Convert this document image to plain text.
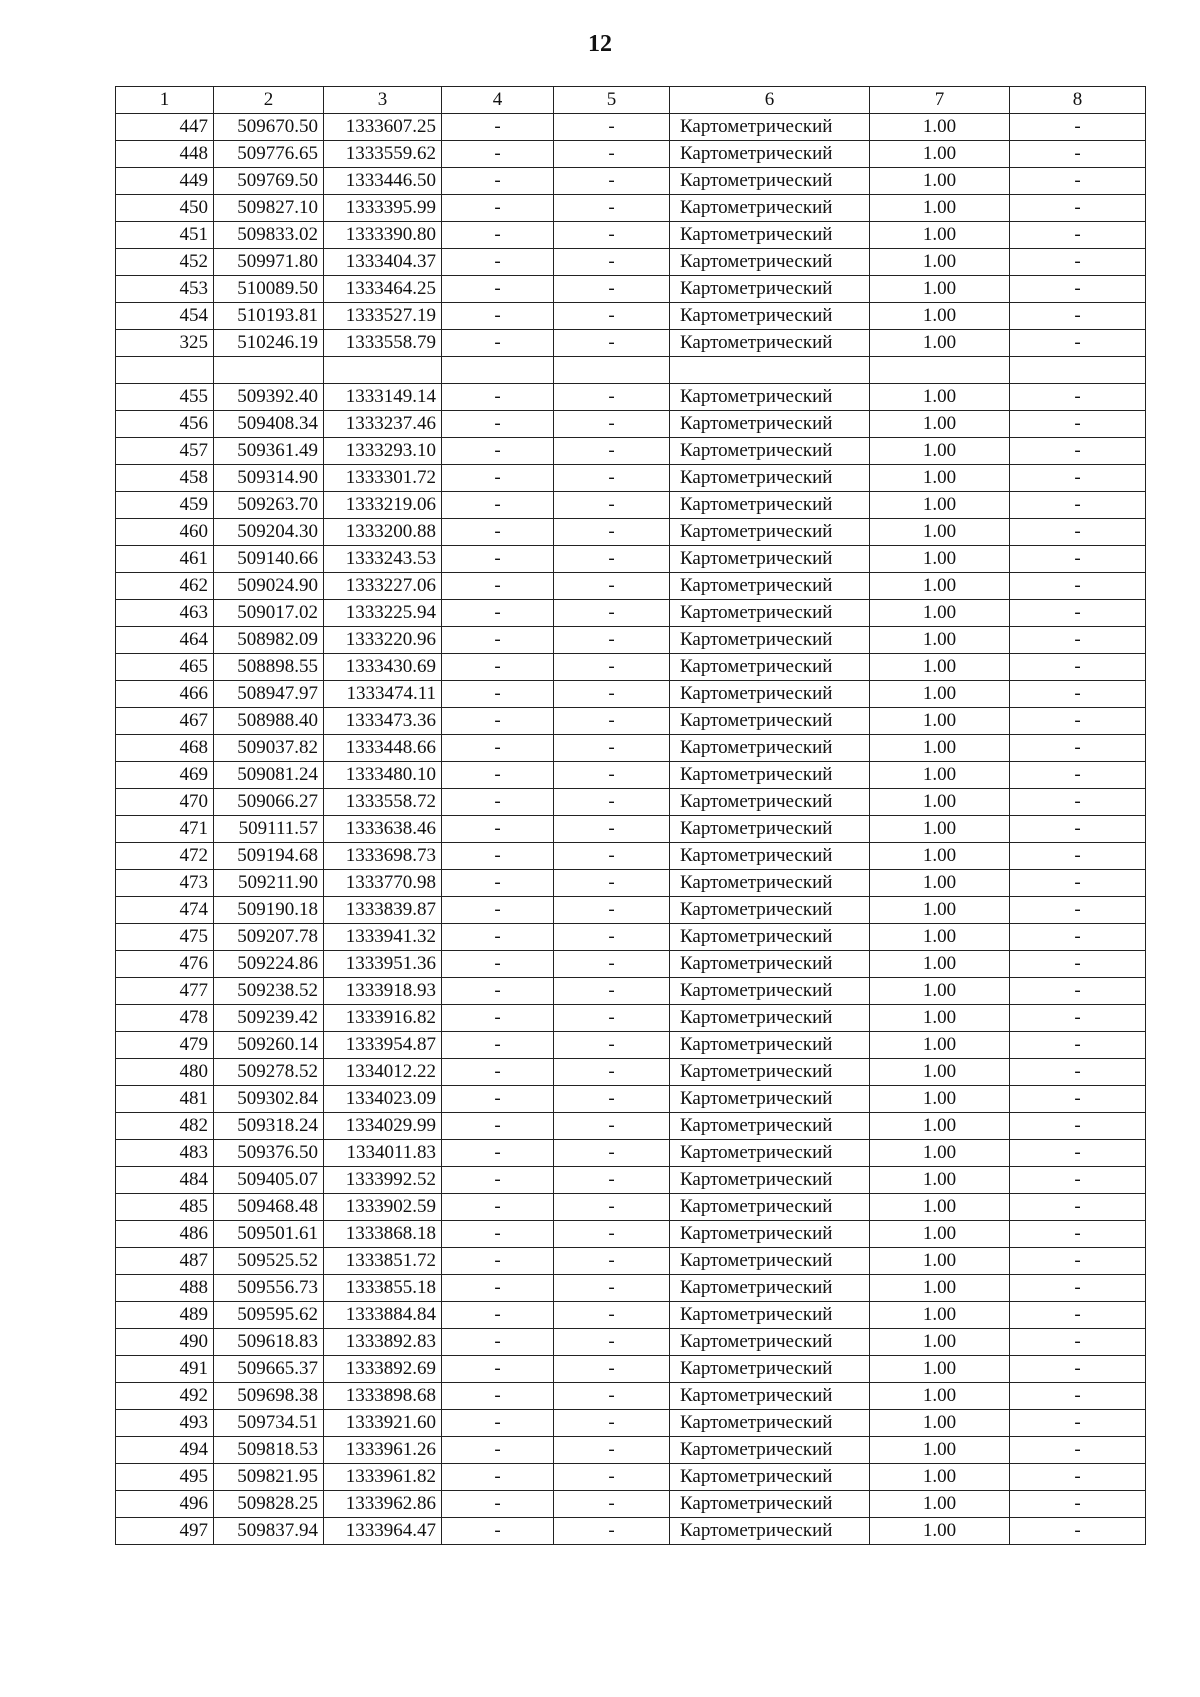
12
1	2	3	4	5	6	7	8
447	509670.50	1333607.25	-	-	Картометрический	1.00	-
448	509776.65	1333559.62	-	-	Картометрический	1.00	-
449	509769.50	1333446.50	-	-	Картометрический	1.00	-
450	509827.10	1333395.99	-	-	Картометрический	1.00	-
451	509833.02	1333390.80	-	-	Картометрический	1.00	-
452	509971.80	1333404.37	-	-	Картометрический	1.00	-
453	510089.50	1333464.25	-	-	Картометрический	1.00	-
454	510193.81	1333527.19	-	-	Картометрический	1.00	-
325	510246.19	1333558.79	-	-	Картометрический	1.00	-

455	509392.40	1333149.14	-	-	Картометрический	1.00	-
456	509408.34	1333237.46	-	-	Картометрический	1.00	-
457	509361.49	1333293.10	-	-	Картометрический	1.00	-
458	509314.90	1333301.72	-	-	Картометрический	1.00	-
459	509263.70	1333219.06	-	-	Картометрический	1.00	-
460	509204.30	1333200.88	-	-	Картометрический	1.00	-
461	509140.66	1333243.53	-	-	Картометрический	1.00	-
462	509024.90	1333227.06	-	-	Картометрический	1.00	-
463	509017.02	1333225.94	-	-	Картометрический	1.00	-
464	508982.09	1333220.96	-	-	Картометрический	1.00	-
465	508898.55	1333430.69	-	-	Картометрический	1.00	-
466	508947.97	1333474.11	-	-	Картометрический	1.00	-
467	508988.40	1333473.36	-	-	Картометрический	1.00	-
468	509037.82	1333448.66	-	-	Картометрический	1.00	-
469	509081.24	1333480.10	-	-	Картометрический	1.00	-
470	509066.27	1333558.72	-	-	Картометрический	1.00	-
471	509111.57	1333638.46	-	-	Картометрический	1.00	-
472	509194.68	1333698.73	-	-	Картометрический	1.00	-
473	509211.90	1333770.98	-	-	Картометрический	1.00	-
474	509190.18	1333839.87	-	-	Картометрический	1.00	-
475	509207.78	1333941.32	-	-	Картометрический	1.00	-
476	509224.86	1333951.36	-	-	Картометрический	1.00	-
477	509238.52	1333918.93	-	-	Картометрический	1.00	-
478	509239.42	1333916.82	-	-	Картометрический	1.00	-
479	509260.14	1333954.87	-	-	Картометрический	1.00	-
480	509278.52	1334012.22	-	-	Картометрический	1.00	-
481	509302.84	1334023.09	-	-	Картометрический	1.00	-
482	509318.24	1334029.99	-	-	Картометрический	1.00	-
483	509376.50	1334011.83	-	-	Картометрический	1.00	-
484	509405.07	1333992.52	-	-	Картометрический	1.00	-
485	509468.48	1333902.59	-	-	Картометрический	1.00	-
486	509501.61	1333868.18	-	-	Картометрический	1.00	-
487	509525.52	1333851.72	-	-	Картометрический	1.00	-
488	509556.73	1333855.18	-	-	Картометрический	1.00	-
489	509595.62	1333884.84	-	-	Картометрический	1.00	-
490	509618.83	1333892.83	-	-	Картометрический	1.00	-
491	509665.37	1333892.69	-	-	Картометрический	1.00	-
492	509698.38	1333898.68	-	-	Картометрический	1.00	-
493	509734.51	1333921.60	-	-	Картометрический	1.00	-
494	509818.53	1333961.26	-	-	Картометрический	1.00	-
495	509821.95	1333961.82	-	-	Картометрический	1.00	-
496	509828.25	1333962.86	-	-	Картометрический	1.00	-
497	509837.94	1333964.47	-	-	Картометрический	1.00	-
